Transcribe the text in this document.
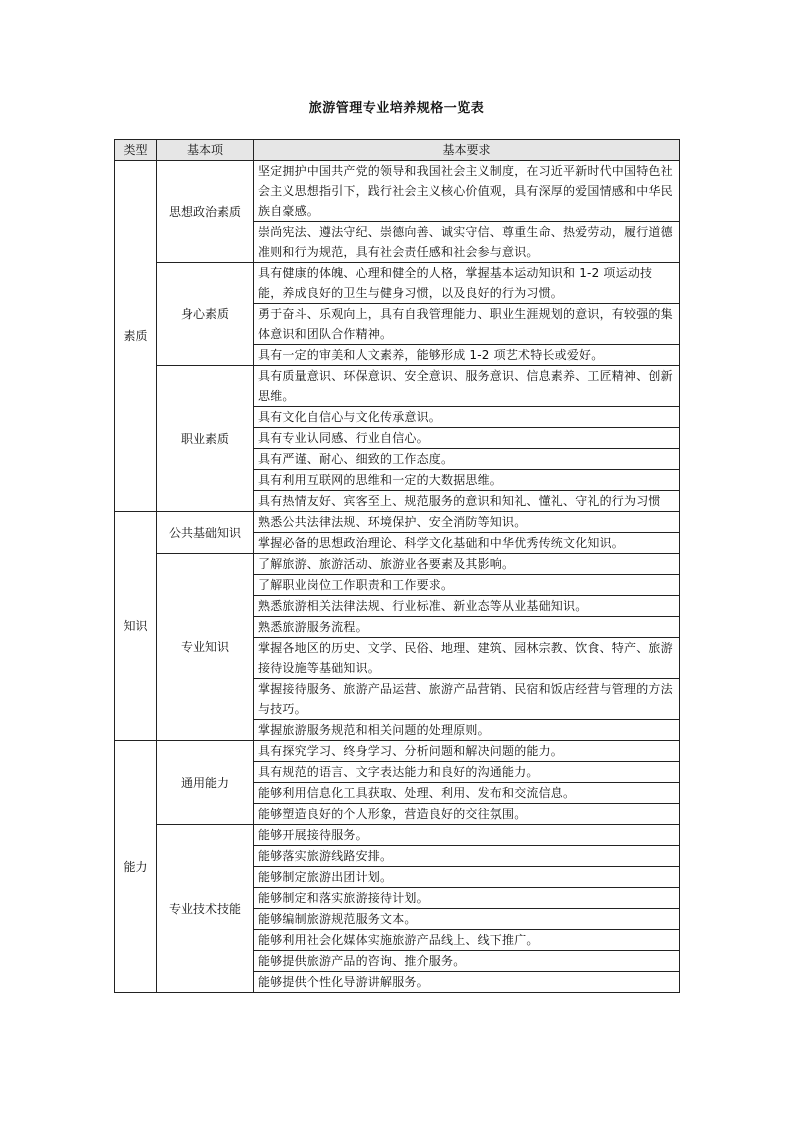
旅游管理专业培养规格一览表
类型	基本项	基本要求
素质	思想政治素质	坚定拥护中国共产党的领导和我国社会主义制度，在习近平新时代中国特色社会主义思想指引下，践行社会主义核心价值观，具有深厚的爱国情感和中华民族自豪感。
		崇尚宪法、遵法守纪、崇德向善、诚实守信、尊重生命、热爱劳动，履行道德准则和行为规范，具有社会责任感和社会参与意识。
	身心素质	具有健康的体魄、心理和健全的人格，掌握基本运动知识和 1-2 项运动技能，养成良好的卫生与健身习惯，以及良好的行为习惯。
		勇于奋斗、乐观向上，具有自我管理能力、职业生涯规划的意识，有较强的集体意识和团队合作精神。
		具有一定的审美和人文素养，能够形成 1-2 项艺术特长或爱好。
	职业素质	具有质量意识、环保意识、安全意识、服务意识、信息素养、工匠精神、创新思维。
		具有文化自信心与文化传承意识。
		具有专业认同感、行业自信心。
		具有严谨、耐心、细致的工作态度。
		具有利用互联网的思维和一定的大数据思维。
		具有热情友好、宾客至上、规范服务的意识和知礼、懂礼、守礼的行为习惯
知识	公共基础知识	熟悉公共法律法规、环境保护、安全消防等知识。
		掌握必备的思想政治理论、科学文化基础和中华优秀传统文化知识。
	专业知识	了解旅游、旅游活动、旅游业各要素及其影响。
		了解职业岗位工作职责和工作要求。
		熟悉旅游相关法律法规、行业标准、新业态等从业基础知识。
		熟悉旅游服务流程。
		掌握各地区的历史、文学、民俗、地理、建筑、园林宗教、饮食、特产、旅游接待设施等基础知识。
		掌握接待服务、旅游产品运营、旅游产品营销、民宿和饭店经营与管理的方法与技巧。
		掌握旅游服务规范和相关问题的处理原则。
能力	通用能力	具有探究学习、终身学习、分析问题和解决问题的能力。
		具有规范的语言、文字表达能力和良好的沟通能力。
		能够利用信息化工具获取、处理、利用、发布和交流信息。
		能够塑造良好的个人形象，营造良好的交往氛围。
	专业技术技能	能够开展接待服务。
		能够落实旅游线路安排。
		能够制定旅游出团计划。
		能够制定和落实旅游接待计划。
		能够编制旅游规范服务文本。
		能够利用社会化媒体实施旅游产品线上、线下推广。
		能够提供旅游产品的咨询、推介服务。
		能够提供个性化导游讲解服务。
